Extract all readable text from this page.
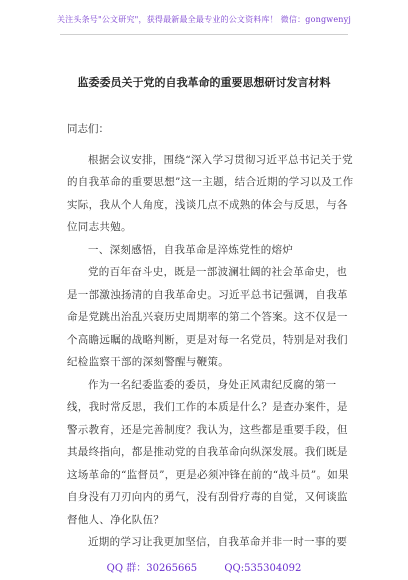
关注头条号"公文研究"，获得最新最全最专业的公文资料库！ 微信：gongwenyj
监委委员关于党的自我革命的重要思想研讨发言材料

同志们：

根据会议安排，围绕“深入学习贯彻习近平总书记关于党的自我革命的重要思想”这一主题，结合近期的学习以及工作实际，我从个人角度，浅谈几点不成熟的体会与反思，与各位同志共勉。

一、深刻感悟，自我革命是淬炼党性的熔炉

党的百年奋斗史，既是一部波澜壮阔的社会革命史，也是一部激浊扬清的自我革命史。习近平总书记强调，自我革命是党跳出治乱兴衰历史周期率的第二个答案。这不仅是一个高瞻远瞩的战略判断，更是对每一名党员，特别是对我们纪检监察干部的深刻警醒与鞭策。

作为一名纪委监委的委员，身处正风肃纪反腐的第一线，我时常反思，我们工作的本质是什么？是查办案件，是警示教育，还是完善制度？我认为，这些都是重要手段，但其最终指向，都是推动党的自我革命向纵深发展。我们既是这场革命的“监督员”，更是必须冲锋在前的“战斗员”。如果自身没有刀刃向内的勇气，没有刮骨疗毒的自觉，又何谈监督他人、净化队伍？

近期的学习让我更加坚信，自我革命并非一时一事的要

QQ 群：30265665	QQ:535304092
